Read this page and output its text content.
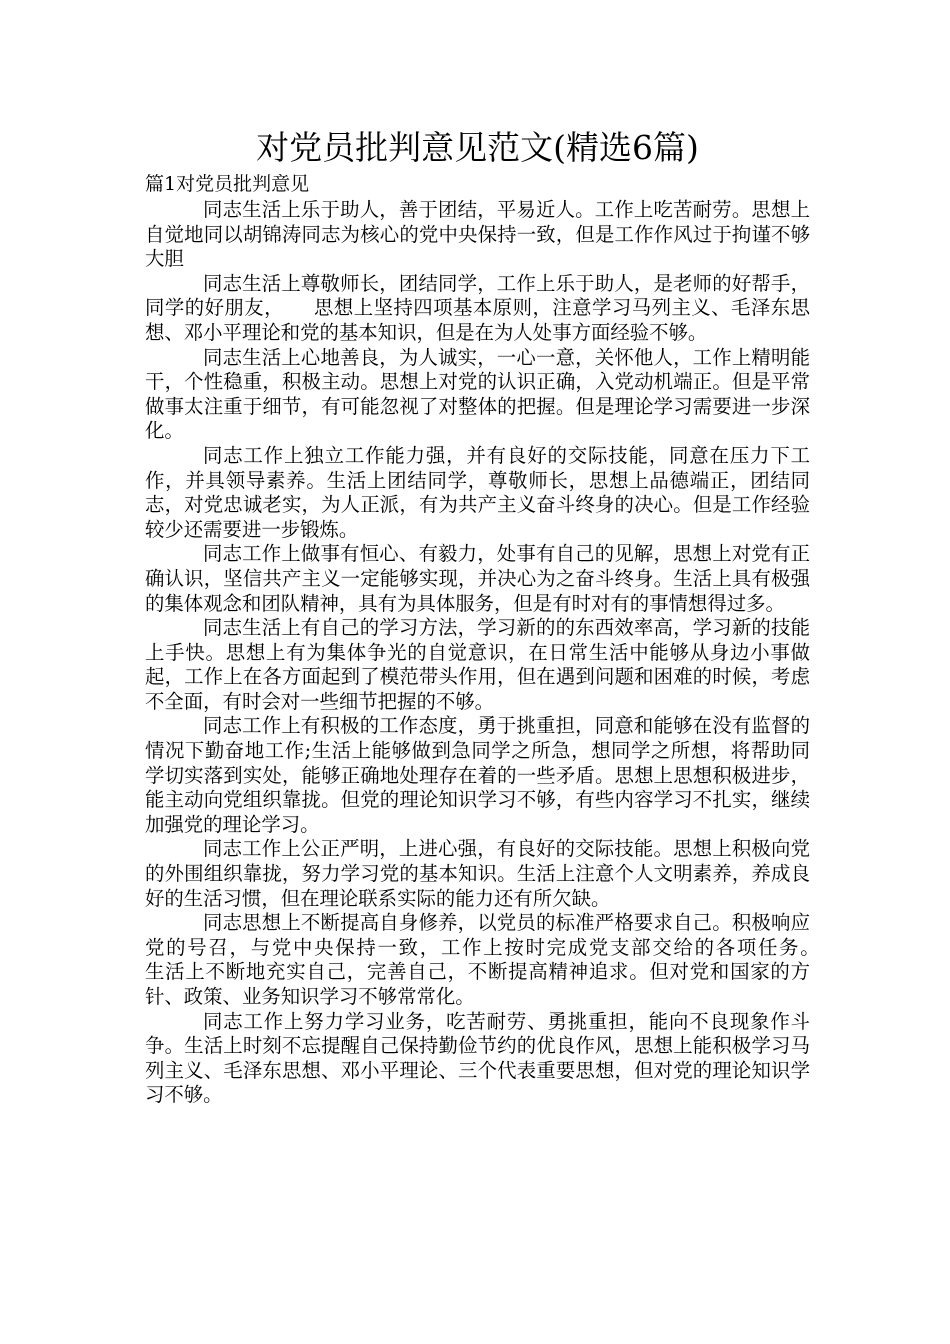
对党员批判意见范文(精选6篇)
篇1对党员批判意见

同志生活上乐于助人，善于团结，平易近人。工作上吃苦耐劳。思想上自觉地同以胡锦涛同志为核心的党中央保持一致，但是工作作风过于拘谨不够大胆

同志生活上尊敬师长，团结同学，工作上乐于助人，是老师的好帮手，同学的好朋友，　　思想上坚持四项基本原则，注意学习马列主义、毛泽东思想、邓小平理论和党的基本知识，但是在为人处事方面经验不够。

同志生活上心地善良，为人诚实，一心一意，关怀他人，工作上精明能干，个性稳重，积极主动。思想上对党的认识正确，入党动机端正。但是平常做事太注重于细节，有可能忽视了对整体的把握。但是理论学习需要进一步深化。

同志工作上独立工作能力强，并有良好的交际技能，同意在压力下工作，并具领导素养。生活上团结同学，尊敬师长，思想上品德端正，团结同志，对党忠诚老实，为人正派，有为共产主义奋斗终身的决心。但是工作经验较少还需要进一步锻炼。

同志工作上做事有恒心、有毅力，处事有自己的见解，思想上对党有正确认识，坚信共产主义一定能够实现，并决心为之奋斗终身。生活上具有极强的集体观念和团队精神，具有为具体服务，但是有时对有的事情想得过多。

同志生活上有自己的学习方法，学习新的的东西效率高，学习新的技能上手快。思想上有为集体争光的自觉意识，在日常生活中能够从身边小事做起，工作上在各方面起到了模范带头作用，但在遇到问题和困难的时候，考虑不全面，有时会对一些细节把握的不够。

同志工作上有积极的工作态度，勇于挑重担，同意和能够在没有监督的情况下勤奋地工作;生活上能够做到急同学之所急，想同学之所想，将帮助同学切实落到实处，能够正确地处理存在着的一些矛盾。思想上思想积极进步，能主动向党组织靠拢。但党的理论知识学习不够，有些内容学习不扎实，继续加强党的理论学习。

同志工作上公正严明，上进心强，有良好的交际技能。思想上积极向党的外围组织靠拢，努力学习党的基本知识。生活上注意个人文明素养，养成良好的生活习惯，但在理论联系实际的能力还有所欠缺。

同志思想上不断提高自身修养，以党员的标准严格要求自己。积极响应党的号召，与党中央保持一致，工作上按时完成党支部交给的各项任务。　　生活上不断地充实自己，完善自己，不断提高精神追求。但对党和国家的方针、政策、业务知识学习不够常常化。

同志工作上努力学习业务，吃苦耐劳、勇挑重担，能向不良现象作斗争。生活上时刻不忘提醒自己保持勤俭节约的优良作风，思想上能积极学习马列主义、毛泽东思想、邓小平理论、三个代表重要思想，但对党的理论知识学习不够。
